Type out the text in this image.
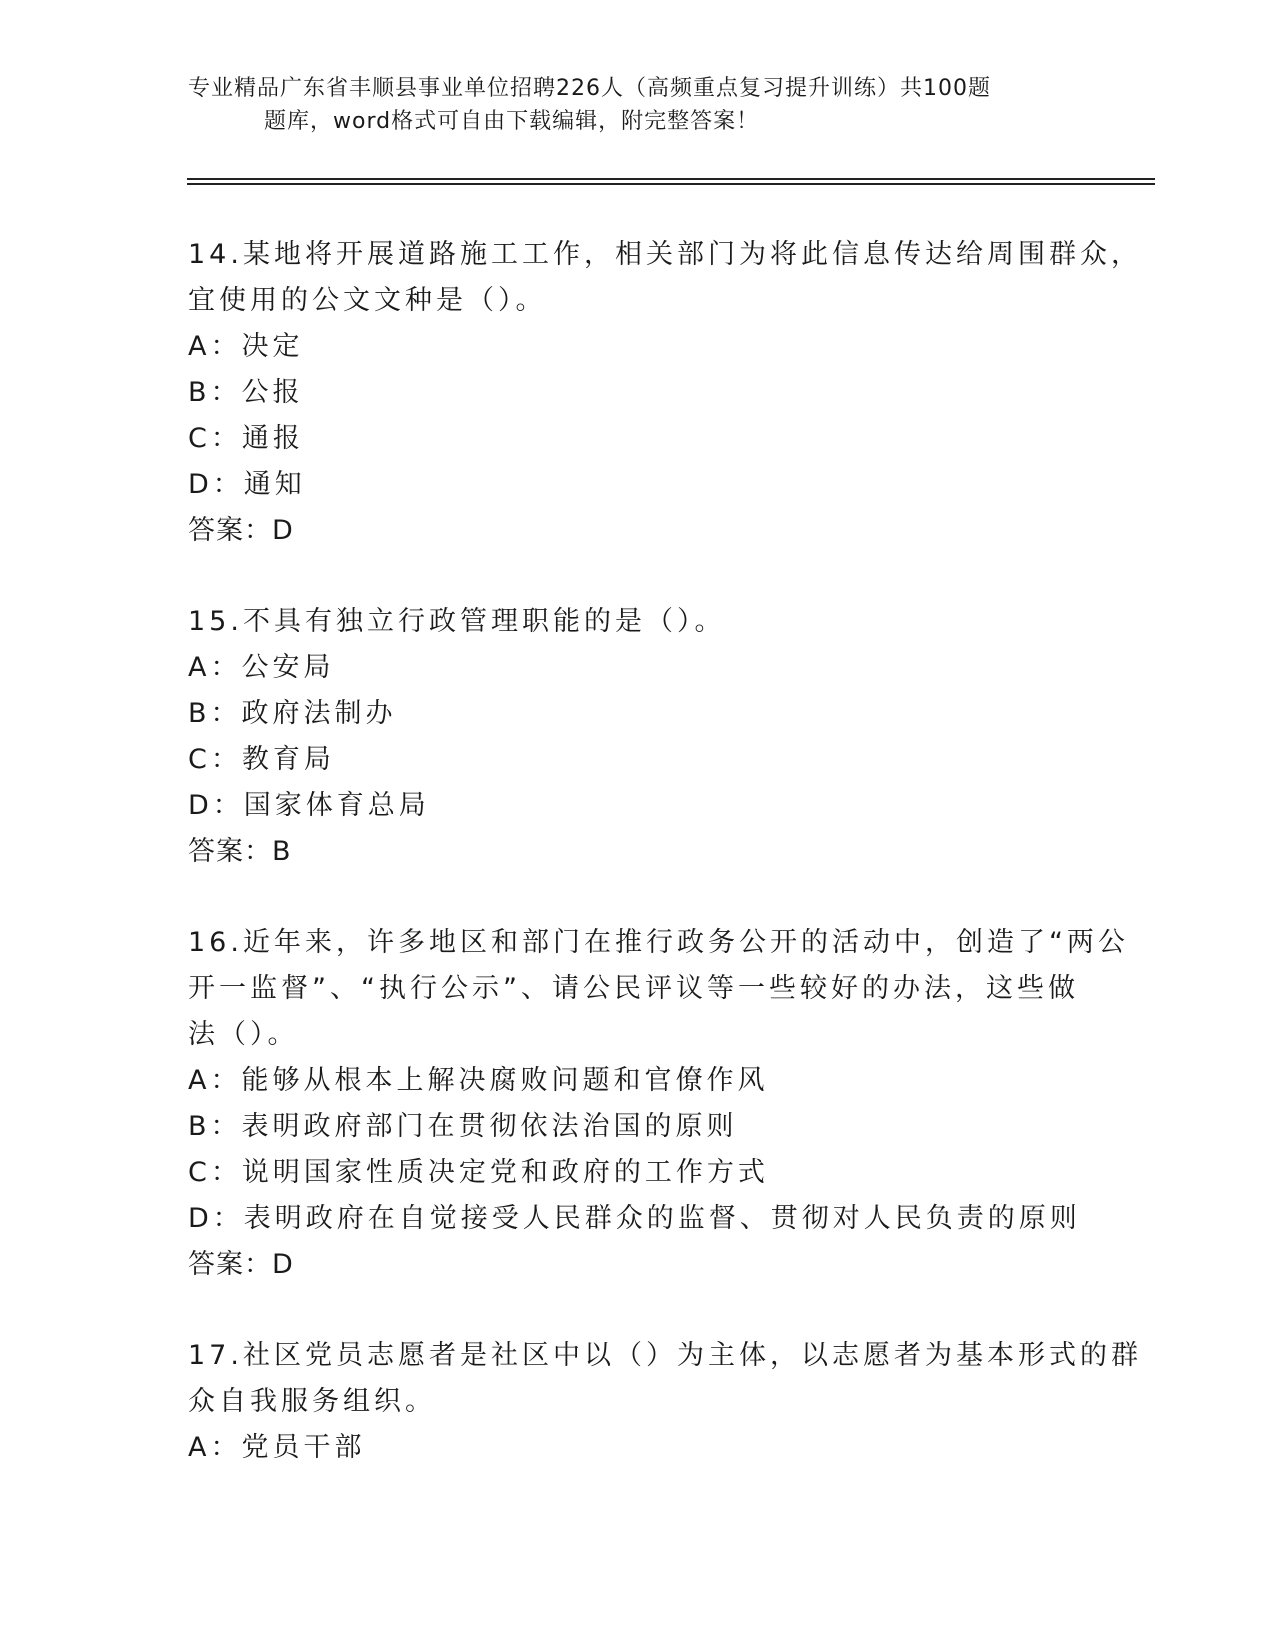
专业精品广东省丰顺县事业单位招聘226人（高频重点复习提升训练）共100题
题库，word格式可自由下载编辑，附完整答案！
14.某地将开展道路施工工作，相关部门为将此信息传达给周围群众，
宜使用的公文文种是（）。
A：决定
B：公报
C：通报
D：通知
答案：D
15.不具有独立行政管理职能的是（）。
A：公安局
B：政府法制办
C：教育局
D：国家体育总局
答案：B
16.近年来，许多地区和部门在推行政务公开的活动中，创造了“两公
开一监督”、“执行公示”、请公民评议等一些较好的办法，这些做
法（）。
A：能够从根本上解决腐败问题和官僚作风
B：表明政府部门在贯彻依法治国的原则
C：说明国家性质决定党和政府的工作方式
D：表明政府在自觉接受人民群众的监督、贯彻对人民负责的原则
答案：D
17.社区党员志愿者是社区中以（）为主体，以志愿者为基本形式的群
众自我服务组织。
A：党员干部
